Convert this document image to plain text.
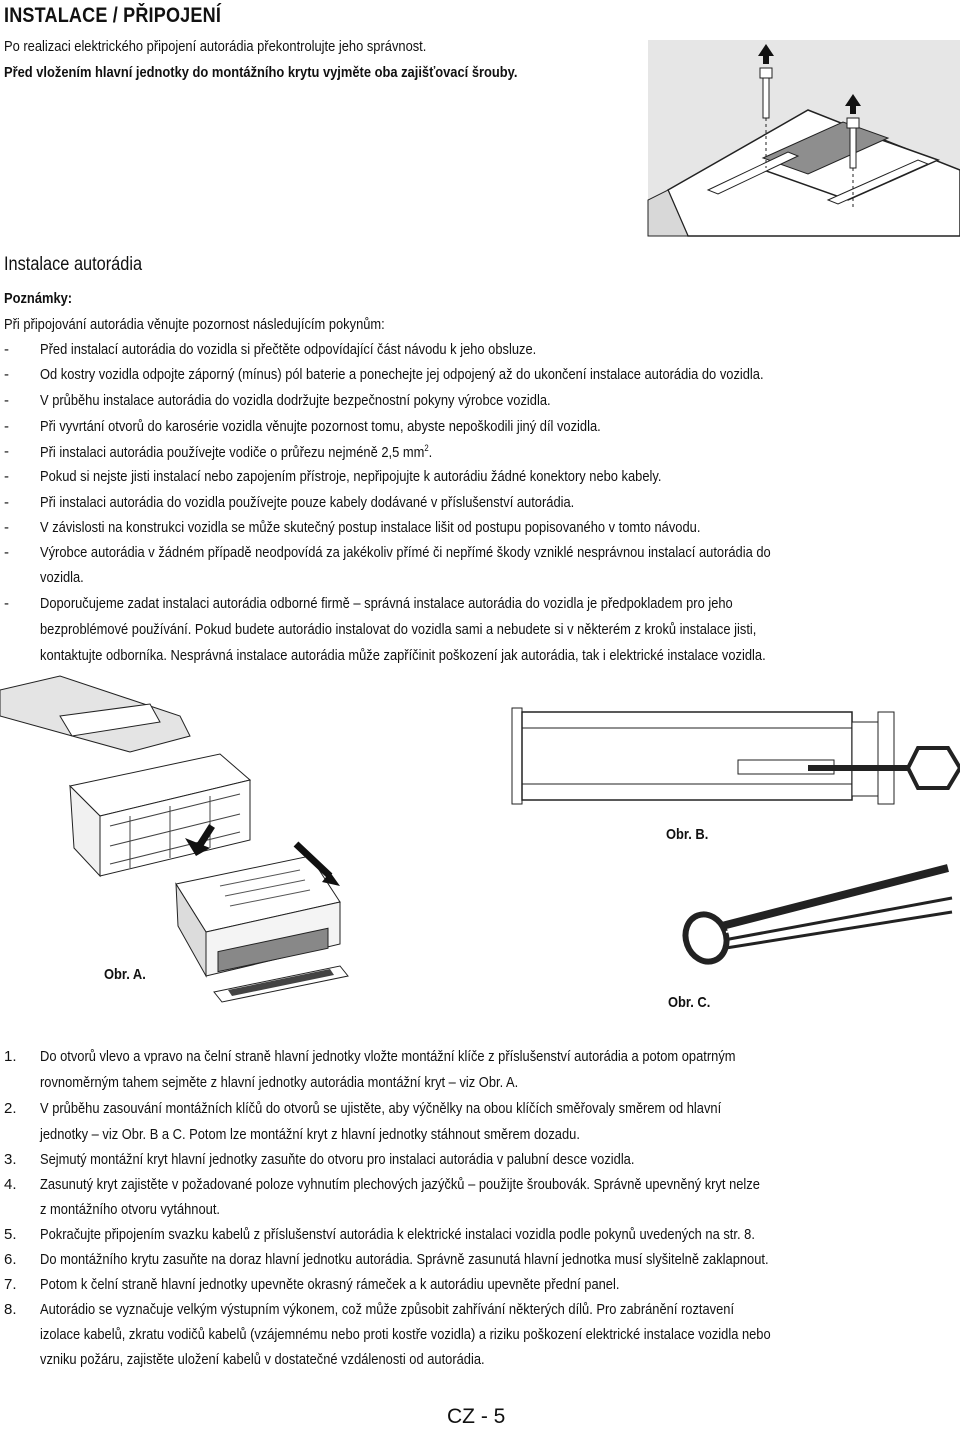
INSTALACE / PŘIPOJENÍ
Po realizaci elektrického připojení autorádia překontrolujte jeho správnost.
Před vložením hlavní jednotky do montážního krytu vyjměte oba zajišťovací šrouby.
Instalace autorádia
Poznámky:
Při připojování autorádia věnujte pozornost následujícím pokynům:
- Před instalací autorádia do vozidla si přečtěte odpovídající část návodu k jeho obsluze.
- Od kostry vozidla odpojte záporný (mínus) pól baterie a ponechejte jej odpojený až do ukončení instalace autorádia do vozidla.
- V průběhu instalace autorádia do vozidla dodržujte bezpečnostní pokyny výrobce vozidla.
- Při vyvrtání otvorů do karosérie vozidla věnujte pozornost tomu, abyste nepoškodili jiný díl vozidla.
- Při instalaci autorádia používejte vodiče o průřezu nejméně 2,5 $mm^2$.
- Pokud si nejste jisti instalací nebo zapojením přístroje, nepřipojujte k autorádiu žádné konektory nebo kabely.
- Při instalaci autorádia do vozidla používejte pouze kabely dodávané v příslušenství autorádia.
- V závislosti na konstrukci vozidla se může skutečný postup instalace lišit od postupu popisovaného v tomto návodu.
- Výrobce autorádia v žádném případě neodpovídá za jakékoliv přímé či nepřímé škody vzniklé nesprávnou instalací autorádia do
vozidla.
- Doporučujeme zadat instalaci autorádia odborné firmě – správná instalace autorádia do vozidla je předpokladem pro jeho
bezproblémové používání. Pokud budete autorádio instalovat do vozidla sami a nebudete si v některém z kroků instalace jisti,
kontaktujte odborníka. Nesprávná instalace autorádia může zapříčinit poškození jak autorádia, tak i elektrické instalace vozidla.
Obr. A.
Obr. B.
Obr. C.
1. Do otvorů vlevo a vpravo na čelní straně hlavní jednotky vložte montážní klíče z příslušenství autorádia a potom opatrným
rovnoměrným tahem sejměte z hlavní jednotky autorádia montážní kryt – viz Obr. A.
2. V průběhu zasouvání montážních klíčů do otvorů se ujistěte, aby výčnělky na obou klíčích směřovaly směrem od hlavní
jednotky – viz Obr. B a C. Potom lze montážní kryt z hlavní jednotky stáhnout směrem dozadu.
3. Sejmutý montážní kryt hlavní jednotky zasuňte do otvoru pro instalaci autorádia v palubní desce vozidla.
4. Zasunutý kryt zajistěte v požadované poloze vyhnutím plechových jazýčků – použijte šroubovák. Správně upevněný kryt nelze
z montážního otvoru vytáhnout.
5. Pokračujte připojením svazku kabelů z příslušenství autorádia k elektrické instalaci vozidla podle pokynů uvedených na str. 8.
6. Do montážního krytu zasuňte na doraz hlavní jednotku autorádia. Správně zasunutá hlavní jednotka musí slyšitelně zaklapnout.
7. Potom k čelní straně hlavní jednotky upevněte okrasný rámeček a k autorádiu upevněte přední panel.
8. Autorádio se vyznačuje velkým výstupním výkonem, což může způsobit zahřívání některých dílů. Pro zabránění roztavení
izolace kabelů, zkratu vodičů kabelů (vzájemnému nebo proti kostře vozidla) a riziku poškození elektrické instalace vozidla nebo
vzniku požáru, zajistěte uložení kabelů v dostatečné vzdálenosti od autorádia.
CZ - 5
